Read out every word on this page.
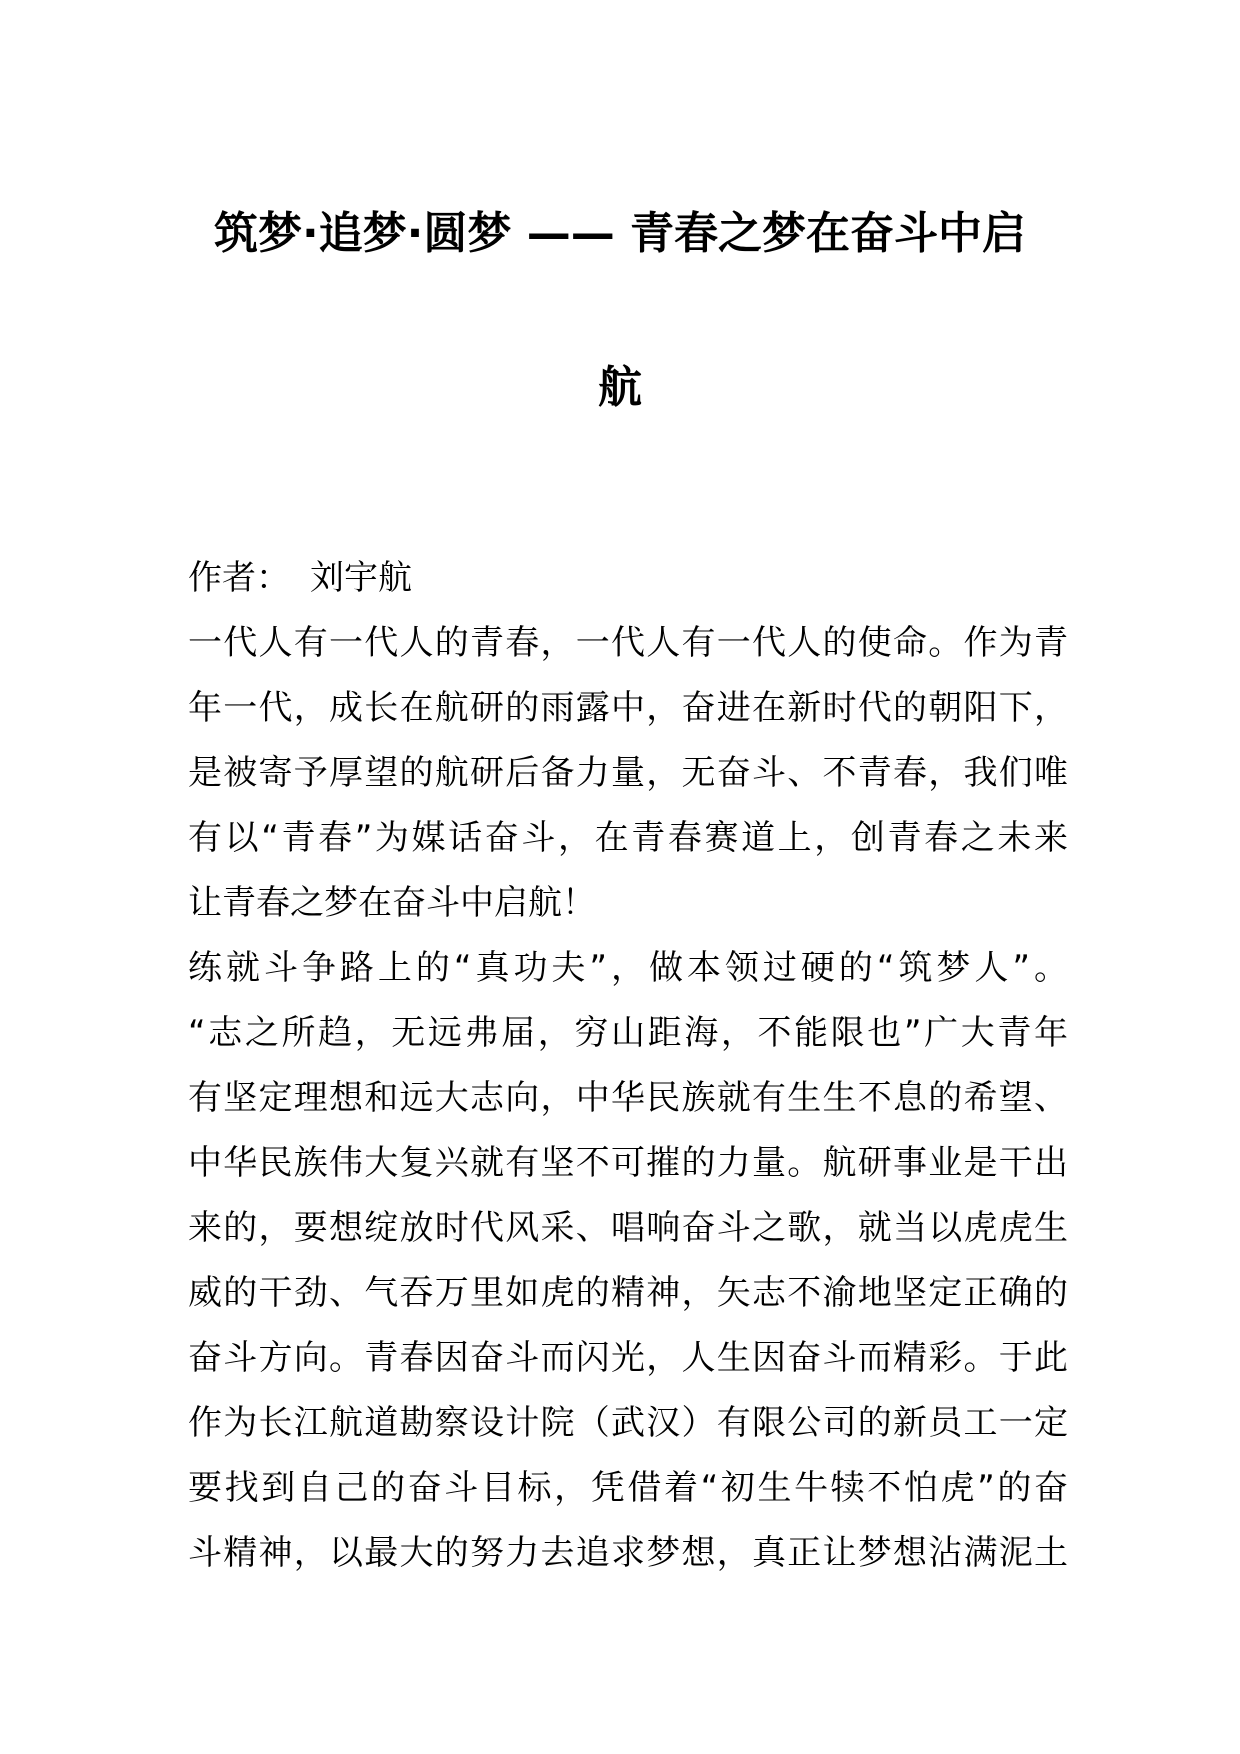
筑梦·追梦·圆梦 —— 青春之梦在奋斗中启
航
作者： 刘宇航
一代人有一代人的青春，一代人有一代人的使命。作为青
年一代，成长在航研的雨露中，奋进在新时代的朝阳下，
是被寄予厚望的航研后备力量，无奋斗、不青春，我们唯
有以“青春”为媒话奋斗，在青春赛道上，创青春之未来
让青春之梦在奋斗中启航！
练就斗争路上的“真功夫”，做本领过硬的“筑梦人”。
“志之所趋，无远弗届，穷山距海，不能限也”广大青年
有坚定理想和远大志向，中华民族就有生生不息的希望、
中华民族伟大复兴就有坚不可摧的力量。航研事业是干出
来的，要想绽放时代风采、唱响奋斗之歌，就当以虎虎生
威的干劲、气吞万里如虎的精神，矢志不渝地坚定正确的
奋斗方向。青春因奋斗而闪光，人生因奋斗而精彩。于此
作为长江航道勘察设计院（武汉）有限公司的新员工一定
要找到自己的奋斗目标，凭借着“初生牛犊不怕虎”的奋
斗精神，以最大的努力去追求梦想，真正让梦想沾满泥土
